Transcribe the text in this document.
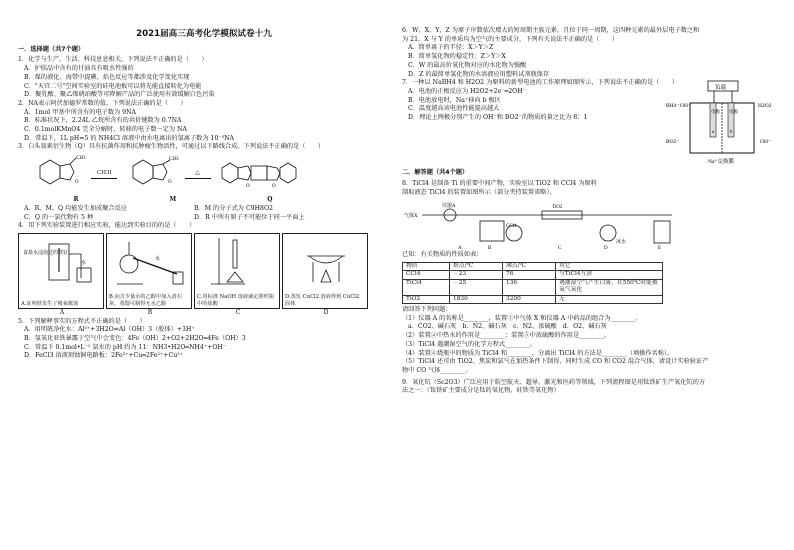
2021届高三高考化学模拟试卷十九
一．选择题（共7个题）
1．化学与生产、生活、科技息息相关，下列说法不正确的是（　　）
A．护肤品中含有的甘油具有吸水性强的
B．煤的液化、海带中提碘、焰色反应等都涉及化学变化实现
C．"天宫二号"空间实验室的硅电池板可以将光能直接转化为电能
D．聚乳酸、聚乙烯琥珀酸等可降解产品的广泛使用有效缓解白色污染
2．NA表示阿伏加德罗常数的值，下列说法正确的是（　　）
A．1mol 甲基中所含有的电子数为 9NA
B．标准状况下，2.24L 乙烷所含有的共价键数为 0.7NA
C．0.1molKMnO4 完全分解时，转移的电子数一定为 NA
D．常温下，1L pH=5 的 NH4Cl 溶液中由水电离出的氢离子数为 10⁻⁵NA
3．白头翁素衍生物（Q）具有抗菌作用和抗肿瘤生物活性，可通过以下路线合成。下列说法不正确的是（　　）
CH3
O
CH3I
CH3
O
△
O	O
R	M	Q
A．R、M、Q 均能发生加成聚合反应	B．M 的分子式为 C9H8O2
C．Q 的一氯代物有 5 种	D．R 中所有原子不可能位于同一平面上
4．用下列实验装置进行相应实验，能达到实验目的的是（　　）
食盐水浸泡过的铁钉
水
A.证明铁发生了吸氧腐蚀
水
B.向含少量水的乙醇中加入清石灰，蒸馏可制得无水乙醇
C.用标准 NaOH 溶液滴定锥形瓶中的盐酸
D.蒸发 CuCl2 溶液得到 CuCl2 固体
A	B	C	D
5．下列解释事实的方程式不正确的是（　　）
A．用明矾净化水：Al³⁺+3H2O⇌Al（OH）3（胶体）+3H⁺
B．氢氧化亚铁暴露于空气中会变色：4Fe（OH）2+O2+2H2O═4Fe（OH）3
C．常温下 0.1mol•L⁻¹ 氨水的 pH 约为 11：NH3•H2O═NH4⁺+OH⁻
D．FeCl3 溶液刻蚀铜电路板：2Fe³⁺+Cu═2Fe²⁺+Cu²⁺
6．W、X、Y、Z 为原子序数依次增大的短周期主族元素，且位于同一周期，这四种元素的最外层电子数之和
为 21，X 与 Y 的单质均为空气的主要成分，下列有关说法不正确的是（　　）
A．简单离子的半径：X＞Y＞Z
B．简单氢化物的稳定性：Z＞Y＞X
C．W 的最高价氧化物对应的水化物为强酸
D．Z 的最简单氢化物的水溶液应用塑料试剂瓶保存
7．一种以 NaBH4 和 H2O2 为原料的新型电池的工作原理如图所示，下列说法不正确的是（　　）
A．电池的正极反应为 H2O2+2e⁻═2OH⁻
B．电池放电时，Na⁺移向 b 极区
C．温度越高该电池性能提高越大
D．理论上两极分别产生的 OH⁻和 BO2⁻的物质的量之比为 8：1
负载
电极 电极
a	b
BH4⁻ OH⁻	H2O2
BO2⁻	OH⁻
Na⁺交换膜
二．解答题（共4个题）
8．TiCl4 是制备 Ti 的重要中间产物，实验室以 TiO2 和 CCl4 为原料
制取液态 TiCl4 的装置如图所示（部分夹持装置省略）。
气体X
仪器A
A	B	C	D	E
TiO2
CCl4
冰水
已知：有关物质的性质如表：
物质	熔点/℃	沸点/℃	其它
CCl4	﹣23	76	与TiCl4互溶
TiCl4	﹣25	136	遇潮湿空气产生白雾，在550℃时能被氧气氧化
TiO2	1830	3200	无
请回答下列问题：
（1）仪器 A 的名称是________，装置①中气体 X 和仪器 A 中药品的组合为________。
a．CO2、碱石灰　b．N2、碱石灰　c．N2、浓硫酸　d．O2、碱石灰
（2）装置②中热水的作用是________；装置⑤中浓硫酸的作用是________。
（3）TiCl4 遇潮湿空气的化学方程式________。
（4）装置④烧瓶中的物质为 TiCl4 和________，分离出 TiCl4 的方法是________（填操作名称）。
（5）TiCl4 还可由 TiO2、焦炭和氯气在加热条件下制得，同时生成 CO 和 CO2 混合气体，请设计实验验证产
物中 CO 气体________。
9．氧化钪（Sc2O3）广泛应用于航空航天、超导、激光和医药等领域，下列流程图是用钛铁矿生产氧化钪的方
法之一：（钛铁矿主要成分是钛的氧化物，硅铁等氧化物）
